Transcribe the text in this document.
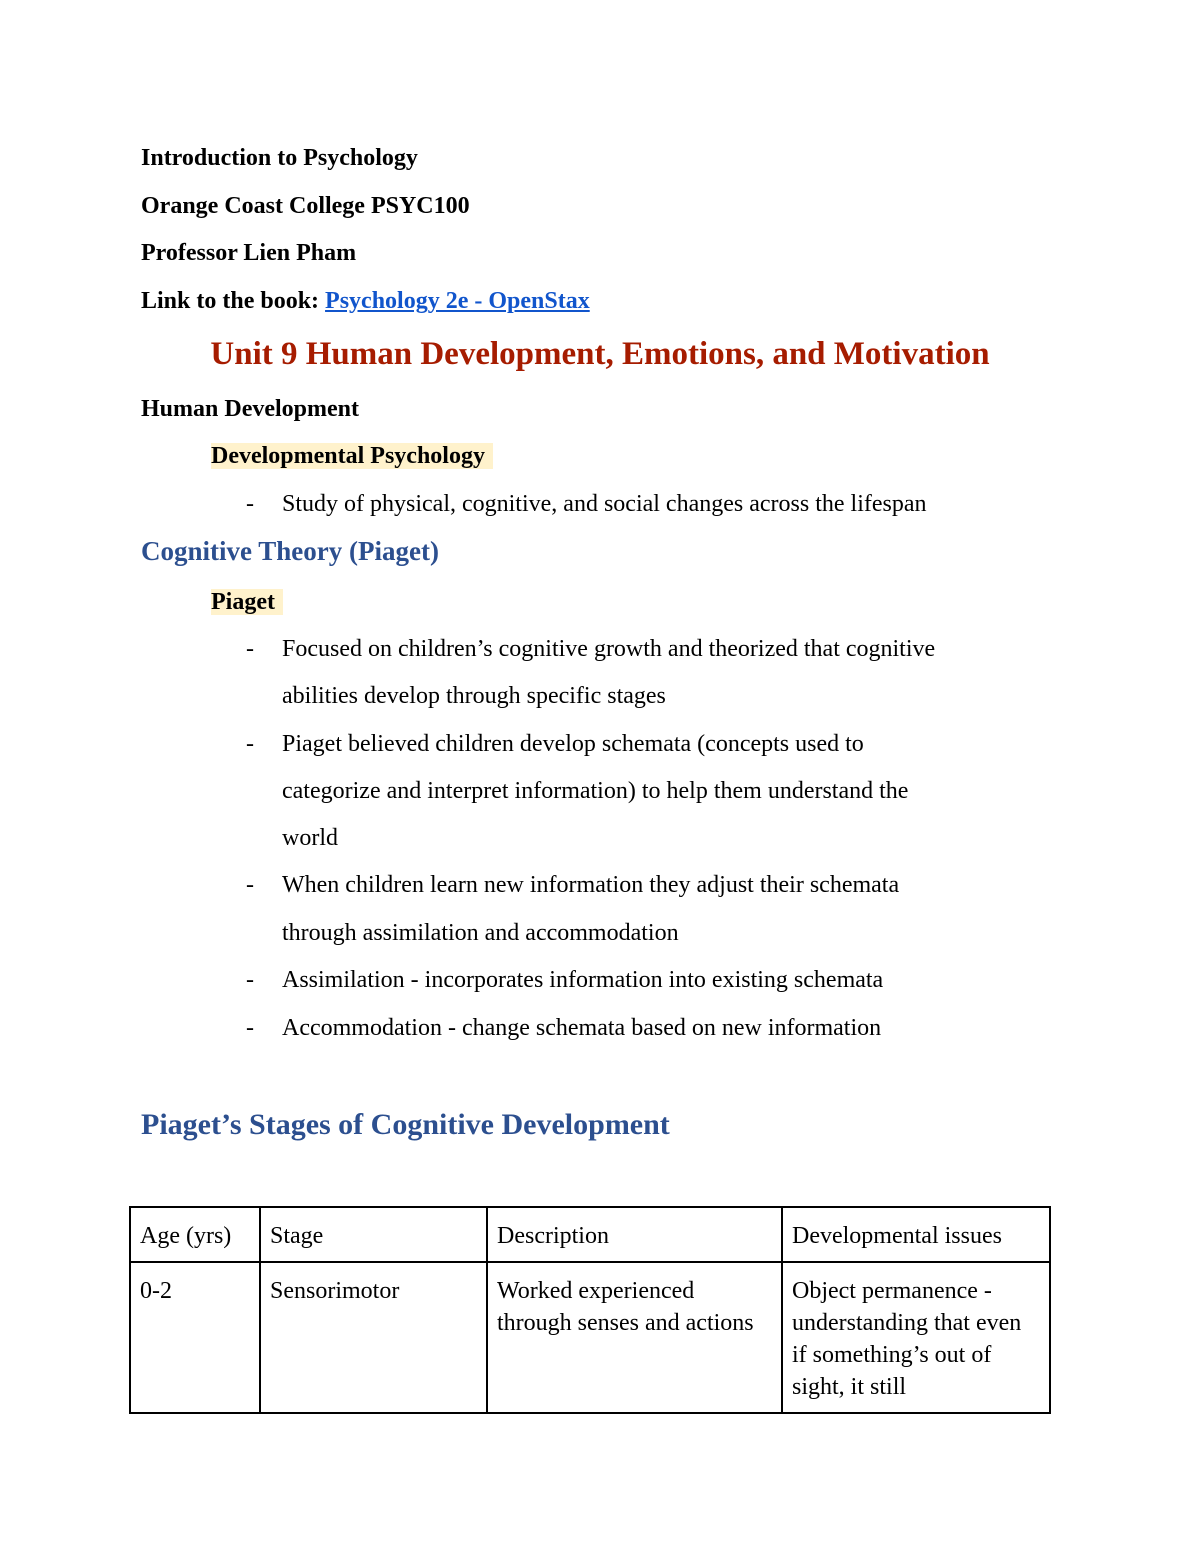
Introduction to Psychology
Orange Coast College PSYC100
Professor Lien Pham
Link to the book: Psychology 2e - OpenStax
Unit 9 Human Development, Emotions, and Motivation
Human Development
Developmental Psychology
- Study of physical, cognitive, and social changes across the lifespan
Cognitive Theory (Piaget)
Piaget
- Focused on children’s cognitive growth and theorized that cognitive
abilities develop through specific stages
- Piaget believed children develop schemata (concepts used to
categorize and interpret information) to help them understand the
world
- When children learn new information they adjust their schemata
through assimilation and accommodation
- Assimilation - incorporates information into existing schemata
- Accommodation - change schemata based on new information
Piaget’s Stages of Cognitive Development
Age (yrs)	Stage	Description	Developmental issues
0-2	Sensorimotor	Worked experienced through senses and actions	Object permanence - understanding that even if something’s out of sight, it still
